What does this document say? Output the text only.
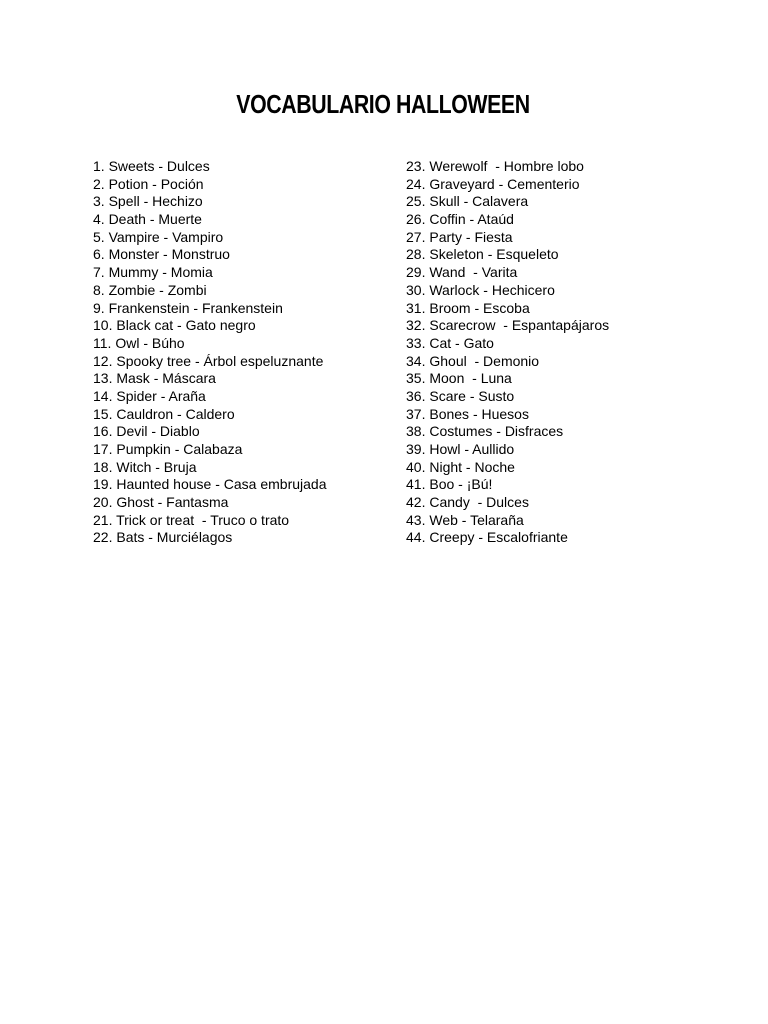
VOCABULARIO HALLOWEEN
1. Sweets - Dulces
2. Potion - Poción
3. Spell - Hechizo
4. Death - Muerte
5. Vampire - Vampiro
6. Monster - Monstruo
7. Mummy - Momia
8. Zombie - Zombi
9. Frankenstein - Frankenstein
10. Black cat - Gato negro
11. Owl - Búho
12. Spooky tree - Árbol espeluznante
13. Mask - Máscara
14. Spider - Araña
15. Cauldron - Caldero
16. Devil - Diablo
17. Pumpkin - Calabaza
18. Witch - Bruja
19. Haunted house - Casa embrujada
20. Ghost - Fantasma
21. Trick or treat  - Truco o trato
22. Bats - Murciélagos
23. Werewolf  - Hombre lobo
24. Graveyard - Cementerio
25. Skull - Calavera
26. Coffin - Ataúd
27. Party - Fiesta
28. Skeleton - Esqueleto
29. Wand  - Varita
30. Warlock - Hechicero
31. Broom - Escoba
32. Scarecrow  - Espantapájaros
33. Cat - Gato
34. Ghoul  - Demonio
35. Moon  - Luna
36. Scare - Susto
37. Bones - Huesos
38. Costumes - Disfraces
39. Howl - Aullido
40. Night - Noche
41. Boo - ¡Bú!
42. Candy  - Dulces
43. Web - Telaraña
44. Creepy - Escalofriante
